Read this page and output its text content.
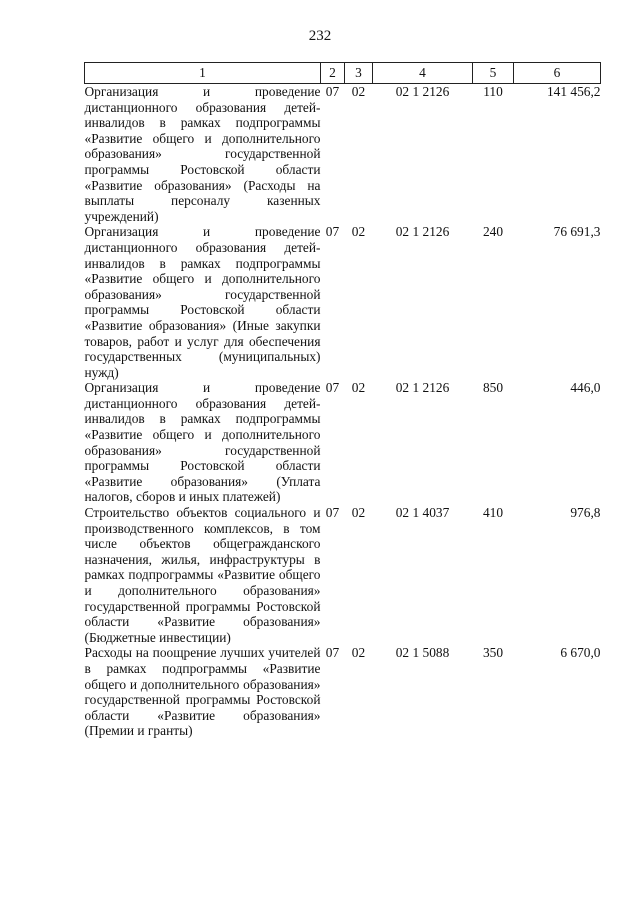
232
1	2	3	4	5	6
Организация и проведение дистанционного образования детей-инвалидов в рамках подпрограммы «Развитие общего и дополнительного образования» государственной программы Ростовской области «Развитие образования» (Расходы на выплаты персоналу казенных учреждений)	07	02	02 1 2126	110	141 456,2
Организация и проведение дистанционного образования детей-инвалидов в рамках подпрограммы «Развитие общего и дополнительного образования» государственной программы Ростовской области «Развитие образования» (Иные закупки товаров, работ и услуг для обеспечения государственных (муниципальных) нужд)	07	02	02 1 2126	240	76 691,3
Организация и проведение дистанционного образования детей-инвалидов в рамках подпрограммы «Развитие общего и дополнительного образования» государственной программы Ростовской области «Развитие образования» (Уплата налогов, сборов и иных платежей)	07	02	02 1 2126	850	446,0
Строительство объектов социального и производственного комплексов, в том числе объектов общегражданского назначения, жилья, инфраструктуры в рамках подпрограммы «Развитие общего и дополнительного образования» государственной программы Ростовской области «Развитие образования» (Бюджетные инвестиции)	07	02	02 1 4037	410	976,8
Расходы на поощрение лучших учителей в рамках подпрограммы «Развитие общего и дополнительного образования» государственной программы Ростовской области «Развитие образования» (Премии и гранты)	07	02	02 1 5088	350	6 670,0
